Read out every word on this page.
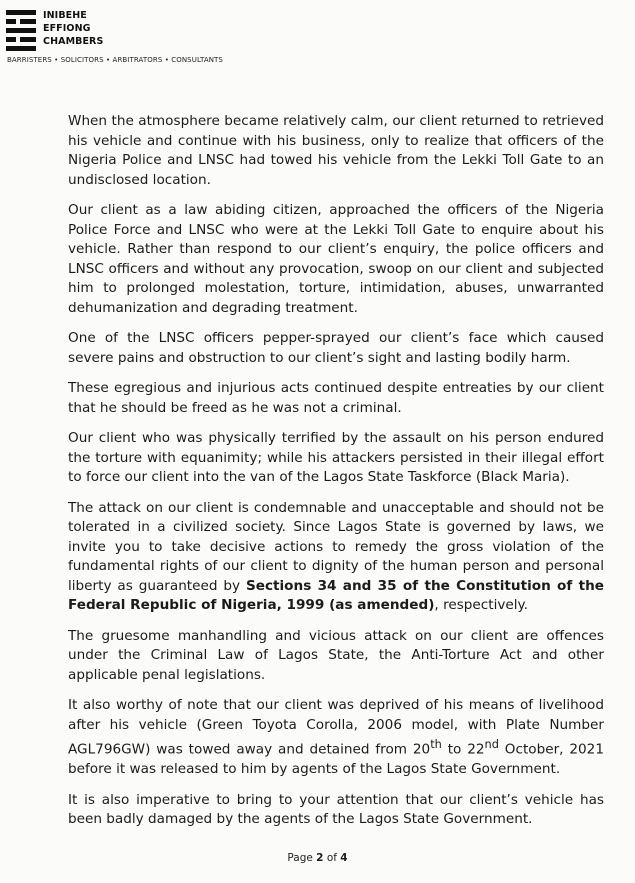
INIBEHE
EFFIONG
CHAMBERS
BARRISTERS • SOLICITORS • ARBITRATORS • CONSULTANTS

When the atmosphere became relatively calm, our client returned to retrieved his vehicle and continue with his business, only to realize that officers of the Nigeria Police and LNSC had towed his vehicle from the Lekki Toll Gate to an undisclosed location.

Our client as a law abiding citizen, approached the officers of the Nigeria Police Force and LNSC who were at the Lekki Toll Gate to enquire about his vehicle. Rather than respond to our client’s enquiry, the police officers and LNSC officers and without any provocation, swoop on our client and subjected him to prolonged molestation, torture, intimidation, abuses, unwarranted dehumanization and degrading treatment.

One of the LNSC officers pepper-sprayed our client’s face which caused severe pains and obstruction to our client’s sight and lasting bodily harm.

These egregious and injurious acts continued despite entreaties by our client that he should be freed as he was not a criminal.

Our client who was physically terrified by the assault on his person endured the torture with equanimity; while his attackers persisted in their illegal effort to force our client into the van of the Lagos State Taskforce (Black Maria).

The attack on our client is condemnable and unacceptable and should not be tolerated in a civilized society. Since Lagos State is governed by laws, we invite you to take decisive actions to remedy the gross violation of the fundamental rights of our client to dignity of the human person and personal liberty as guaranteed by Sections 34 and 35 of the Constitution of the Federal Republic of Nigeria, 1999 (as amended), respectively.

The gruesome manhandling and vicious attack on our client are offences under the Criminal Law of Lagos State, the Anti-Torture Act and other applicable penal legislations.

It also worthy of note that our client was deprived of his means of livelihood after his vehicle (Green Toyota Corolla, 2006 model, with Plate Number AGL796GW) was towed away and detained from 20th to 22nd October, 2021 before it was released to him by agents of the Lagos State Government.

It is also imperative to bring to your attention that our client’s vehicle has been badly damaged by the agents of the Lagos State Government.

Page 2 of 4
